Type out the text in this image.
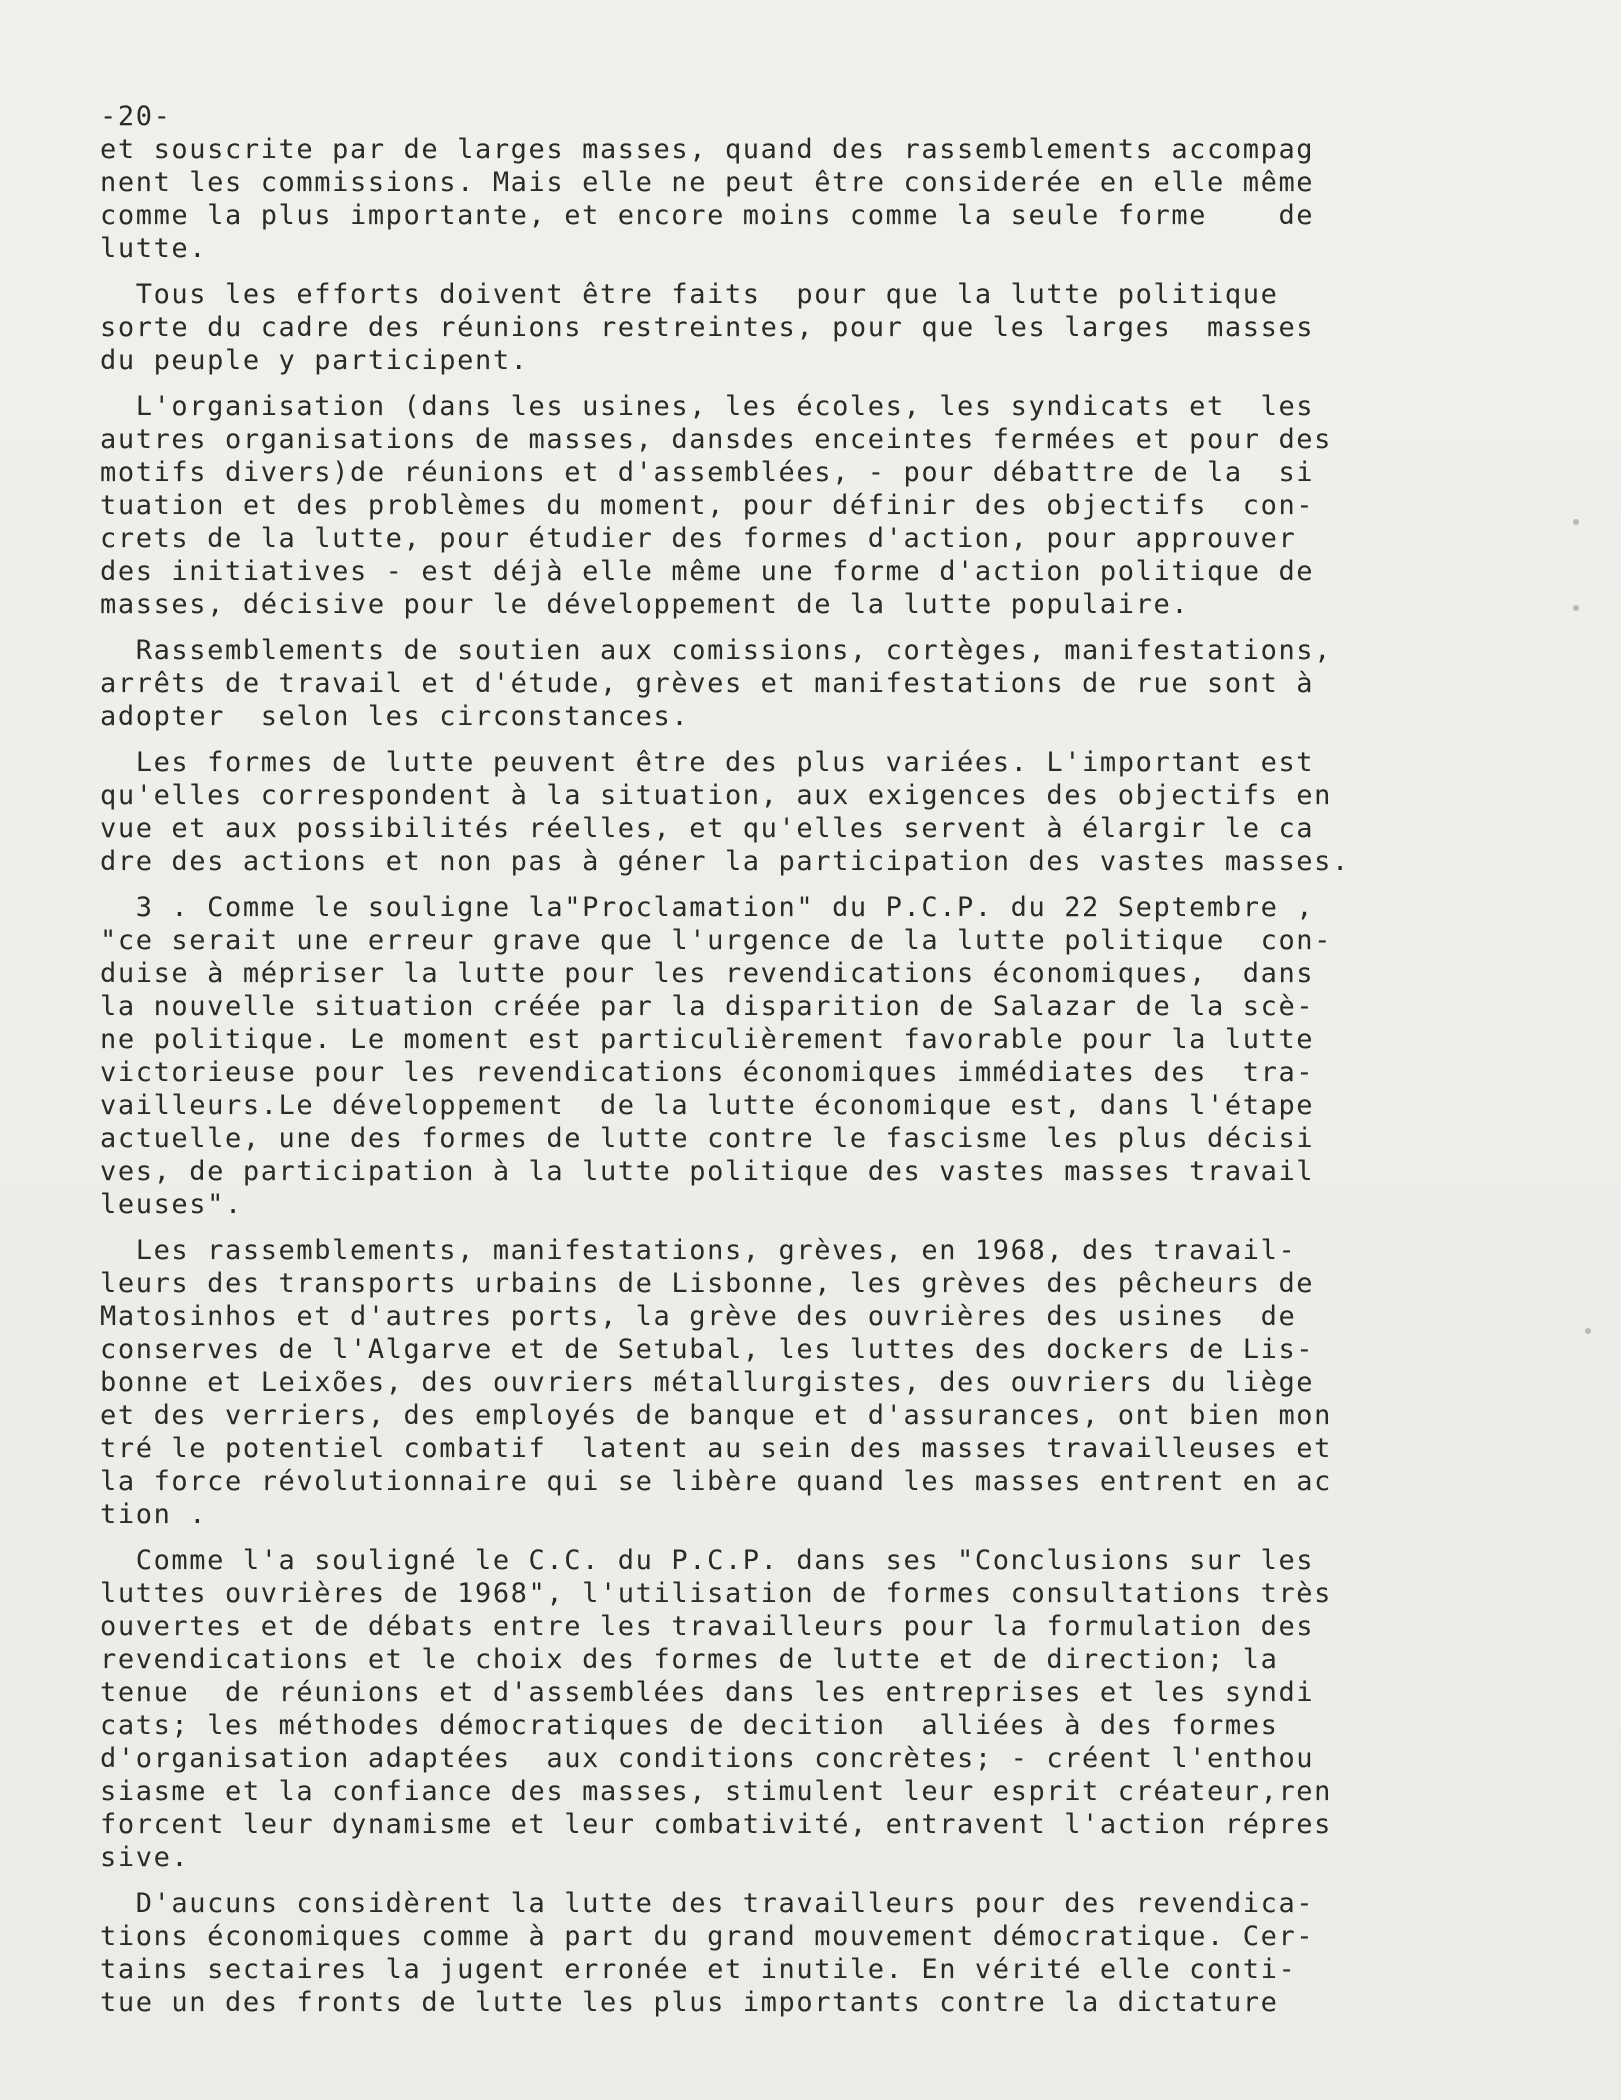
-20-
et souscrite par de larges masses, quand des rassemblements accompag
nent les commissions. Mais elle ne peut être considerée en elle même
comme la plus importante, et encore moins comme la seule forme    de
lutte.
Tous les efforts doivent être faits  pour que la lutte politique
sorte du cadre des réunions restreintes, pour que les larges  masses
du peuple y participent.
L'organisation (dans les usines, les écoles, les syndicats et  les
autres organisations de masses, dansdes enceintes fermées et pour des
motifs divers)de réunions et d'assemblées, - pour débattre de la  si
tuation et des problèmes du moment, pour définir des objectifs  con-
crets de la lutte, pour étudier des formes d'action, pour approuver
des initiatives - est déjà elle même une forme d'action politique de
masses, décisive pour le développement de la lutte populaire.
Rassemblements de soutien aux comissions, cortèges, manifestations,
arrêts de travail et d'étude, grèves et manifestations de rue sont à
adopter  selon les circonstances.
Les formes de lutte peuvent être des plus variées. L'important est
qu'elles correspondent à la situation, aux exigences des objectifs en
vue et aux possibilités réelles, et qu'elles servent à élargir le ca
dre des actions et non pas à géner la participation des vastes masses.
3 . Comme le souligne la"Proclamation" du P.C.P. du 22 Septembre ,
"ce serait une erreur grave que l'urgence de la lutte politique  con-
duise à mépriser la lutte pour les revendications économiques,  dans
la nouvelle situation créée par la disparition de Salazar de la scè-
ne politique. Le moment est particulièrement favorable pour la lutte
victorieuse pour les revendications économiques immédiates des  tra-
vailleurs.Le développement  de la lutte économique est, dans l'étape
actuelle, une des formes de lutte contre le fascisme les plus décisi
ves, de participation à la lutte politique des vastes masses travail
leuses".
Les rassemblements, manifestations, grèves, en 1968, des travail-
leurs des transports urbains de Lisbonne, les grèves des pêcheurs de
Matosinhos et d'autres ports, la grève des ouvrières des usines  de
conserves de l'Algarve et de Setubal, les luttes des dockers de Lis-
bonne et Leixões, des ouvriers métallurgistes, des ouvriers du liège
et des verriers, des employés de banque et d'assurances, ont bien mon
tré le potentiel combatif  latent au sein des masses travailleuses et
la force révolutionnaire qui se libère quand les masses entrent en ac
tion .
Comme l'a souligné le C.C. du P.C.P. dans ses "Conclusions sur les
luttes ouvrières de 1968", l'utilisation de formes consultations très
ouvertes et de débats entre les travailleurs pour la formulation des
revendications et le choix des formes de lutte et de direction; la
tenue  de réunions et d'assemblées dans les entreprises et les syndi
cats; les méthodes démocratiques de decition  alliées à des formes
d'organisation adaptées  aux conditions concrètes; - créent l'enthou
siasme et la confiance des masses, stimulent leur esprit créateur,ren
forcent leur dynamisme et leur combativité, entravent l'action répres
sive.
D'aucuns considèrent la lutte des travailleurs pour des revendica-
tions économiques comme à part du grand mouvement démocratique. Cer-
tains sectaires la jugent erronée et inutile. En vérité elle conti-
tue un des fronts de lutte les plus importants contre la dictature
